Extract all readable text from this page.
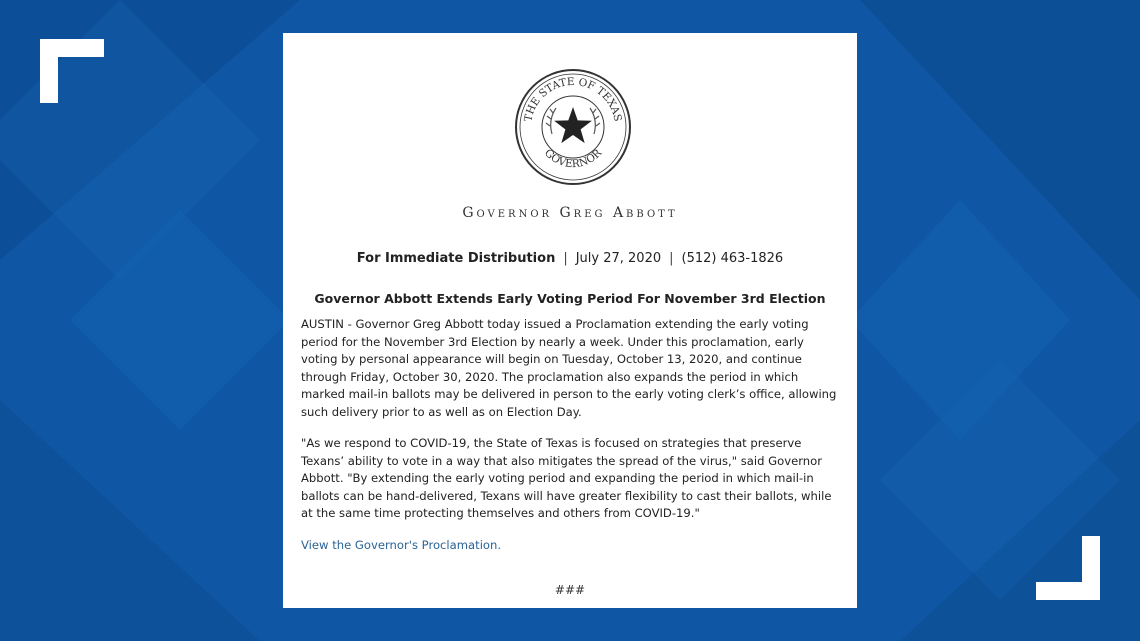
THE STATE OF TEXAS
GOVERNOR
Governor Greg Abbott
For Immediate Distribution | July 27, 2020 | (512) 463-1826
Governor Abbott Extends Early Voting Period For November 3rd Election

AUSTIN - Governor Greg Abbott today issued a Proclamation extending the early voting
period for the November 3rd Election by nearly a week. Under this proclamation, early
voting by personal appearance will begin on Tuesday, October 13, 2020, and continue
through Friday, October 30, 2020. The proclamation also expands the period in which
marked mail-in ballots may be delivered in person to the early voting clerk’s office, allowing
such delivery prior to as well as on Election Day.

"As we respond to COVID-19, the State of Texas is focused on strategies that preserve
Texans’ ability to vote in a way that also mitigates the spread of the virus," said Governor
Abbott. "By extending the early voting period and expanding the period in which mail-in
ballots can be hand-delivered, Texans will have greater flexibility to cast their ballots, while
at the same time protecting themselves and others from COVID-19."

View the Governor's Proclamation.
###
